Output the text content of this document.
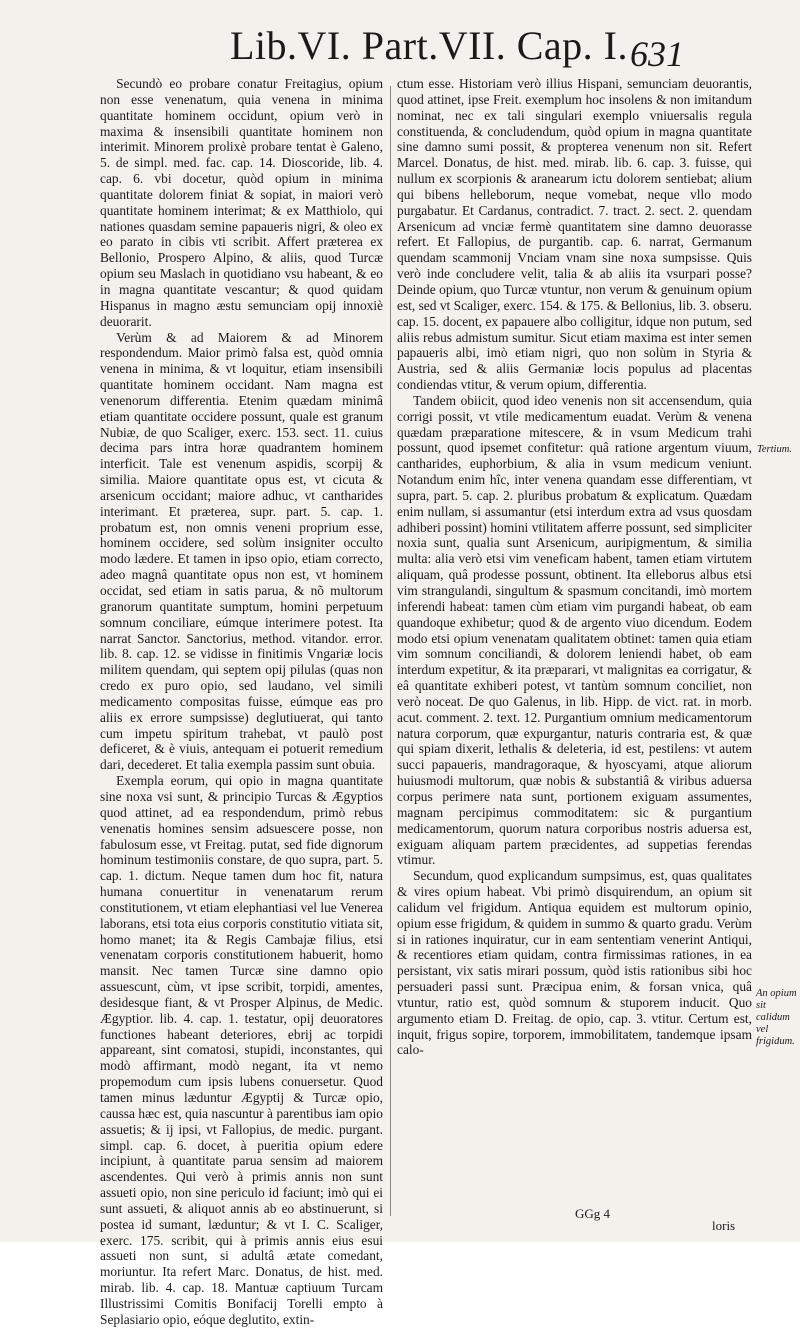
Lib.VI. Part.VII. Cap. I. 631

Secundò eo probare conatur Freitagius, opium non esse venenatum, quia venena in minima quantitate hominem occidunt, opium verò in maxima & insensibili quantitate hominem non interimit. Minorem prolixè probare tentat è Galeno, 5. de simpl. med. fac. cap. 14. Dioscoride, lib. 4. cap. 6. vbi docetur, quòd opium in minima quantitate dolorem finiat & sopiat, in maiori verò quantitate hominem interimat; & ex Matthiolo, qui nationes quasdam semine papaueris nigri, & oleo ex eo parato in cibis vti scribit. Affert præterea ex Bellonio, Prospero Alpino, & aliis, quod Turcæ opium seu Maslach in quotidiano vsu habeant, & eo in magna quantitate vescantur; & quod quidam Hispanus in magno æstu semunciam opij innoxiè deuorarit.

Verùm & ad Maiorem & ad Minorem respondendum. Maior primò falsa est, quòd omnia venena in minima, & vt loquitur, etiam insensibili quantitate hominem occidant. Nam magna est venenorum differentia. Etenim quædam minimâ etiam quantitate occidere possunt, quale est granum Nubiæ, de quo Scaliger, exerc. 153. sect. 11. cuius decima pars intra horæ quadrantem hominem interficit. Tale est venenum aspidis, scorpij & similia. Maiore quantitate opus est, vt cicuta & arsenicum occidant; maiore adhuc, vt cantharides interimant. Et præterea, supr. part. 5. cap. 1. probatum est, non omnis veneni proprium esse, hominem occidere, sed solùm insigniter occulto modo lædere. Et tamen in ipso opio, etiam correcto, adeo magnâ quantitate opus non est, vt hominem occidat, sed etiam in satis parua, & nõ multorum granorum quantitate sumptum, homini perpetuum somnum conciliare, eúmque interimere potest. Ita narrat Sanctor. Sanctorius, method. vitandor. error. lib. 8. cap. 12. se vidisse in finitimis Vngariæ locis militem quendam, qui septem opij pilulas (quas non credo ex puro opio, sed laudano, vel simili medicamento compositas fuisse, eúmque eas pro aliis ex errore sumpsisse) deglutiuerat, qui tanto cum impetu spiritum trahebat, vt paulò post deficeret, & è viuis, antequam ei potuerit remedium dari, decederet. Et talia exempla passim sunt obuia.

Exempla eorum, qui opio in magna quantitate sine noxa vsi sunt, & principio Turcas & Ægyptios quod attinet, ad ea respondendum, primò rebus venenatis homines sensim adsuescere posse, non fabulosum esse, vt Freitag. putat, sed fide dignorum hominum testimoniis constare, de quo supra, part. 5. cap. 1. dictum. Neque tamen dum hoc fit, natura humana conuertitur in venenatarum rerum constitutionem, vt etiam elephantiasi vel lue Venerea laborans, etsi tota eius corporis constitutio vitiata sit, homo manet; ita & Regis Cambajæ filius, etsi venenatam corporis constitutionem habuerit, homo mansit. Nec tamen Turcæ sine damno opio assuescunt, cùm, vt ipse scribit, torpidi, amentes, desidesque fiant, & vt Prosper Alpinus, de Medic. Ægyptior. lib. 4. cap. 1. testatur, opij deuoratores functiones habeant deteriores, ebrij ac torpidi appareant, sint comatosi, stupidi, inconstantes, qui modò affirmant, modò negant, ita vt nemo propemodum cum ipsis lubens conuersetur. Quod tamen minus læduntur Ægyptij & Turcæ opio, caussa hæc est, quia nascuntur à parentibus iam opio assuetis; & ij ipsi, vt Fallopius, de medic. purgant. simpl. cap. 6. docet, à pueritia opium edere incipiunt, à quantitate parua sensim ad maiorem ascendentes. Qui verò à primis annis non sunt assueti opio, non sine periculo id faciunt; imò qui ei sunt assueti, & aliquot annis ab eo abstinuerunt, si postea id sumant, læduntur; & vt I. C. Scaliger, exerc. 175. scribit, qui à primis annis eius esui assueti non sunt, si adultâ ætate comedant, moriuntur. Ita refert Marc. Donatus, de hist. med. mirab. lib. 4. cap. 18. Mantuæ captiuum Turcam Illustrissimi Comitis Bonifacij Torelli empto à Seplasiario opio, eóque deglutito, extin-

ctum esse. Historiam verò illius Hispani, semunciam deuorantis, quod attinet, ipse Freit. exemplum hoc insolens & non imitandum nominat, nec ex tali singulari exemplo vniuersalis regula constituenda, & concludendum, quòd opium in magna quantitate sine damno sumi possit, & propterea venenum non sit. Refert Marcel. Donatus, de hist. med. mirab. lib. 6. cap. 3. fuisse, qui nullum ex scorpionis & aranearum ictu dolorem sentiebat; alium qui bibens helleborum, neque vomebat, neque vllo modo purgabatur. Et Cardanus, contradict. 7. tract. 2. sect. 2. quendam Arsenicum ad vnciæ fermè quantitatem sine damno deuorasse refert. Et Fallopius, de purgantib. cap. 6. narrat, Germanum quendam scammonij Vnciam vnam sine noxa sumpsisse. Quis verò inde concludere velit, talia & ab aliis ita vsurpari posse? Deinde opium, quo Turcæ vtuntur, non verum & genuinum opium est, sed vt Scaliger, exerc. 154. & 175. & Bellonius, lib. 3. obseru. cap. 15. docent, ex papauere albo colligitur, idque non putum, sed aliis rebus admistum sumitur. Sicut etiam maxima est inter semen papaueris albi, imò etiam nigri, quo non solùm in Styria & Austria, sed & aliis Germaniæ locis populus ad placentas condiendas vtitur, & verum opium, differentia.

Tandem obiicit, quod ideo venenis non sit accensendum, quia corrigi possit, vt vtile medicamentum euadat. Verùm & venena quædam præparatione mitescere, & in vsum Medicum trahi possunt, quod ipsemet confitetur: quâ ratione argentum viuum, cantharides, euphorbium, & alia in vsum medicum veniunt. Notandum enim hîc, inter venena quandam esse differentiam, vt supra, part. 5. cap. 2. pluribus probatum & explicatum. Quædam enim nullam, si assumantur (etsi interdum extra ad vsus quosdam adhiberi possint) homini vtilitatem afferre possunt, sed simpliciter noxia sunt, qualia sunt Arsenicum, auripigmentum, & similia multa: alia verò etsi vim veneficam habent, tamen etiam virtutem aliquam, quâ prodesse possunt, obtinent. Ita elleborus albus etsi vim strangulandi, singultum & spasmum concitandi, imò mortem inferendi habeat: tamen cùm etiam vim purgandi habeat, ob eam quandoque exhibetur; quod & de argento viuo dicendum. Eodem modo etsi opium venenatam qualitatem obtinet: tamen quia etiam vim somnum conciliandi, & dolorem leniendi habet, ob eam interdum expetitur, & ita præparari, vt malignitas ea corrigatur, & eâ quantitate exhiberi potest, vt tantùm somnum conciliet, non verò noceat. De quo Galenus, in lib. Hipp. de vict. rat. in morb. acut. comment. 2. text. 12. Purgantium omnium medicamentorum natura corporum, quæ expurgantur, naturis contraria est, & quæ qui spiam dixerit, lethalis & deleteria, id est, pestilens: vt autem succi papaueris, mandragoraque, & hyoscyami, atque aliorum huiusmodi multorum, quæ nobis & substantiâ & viribus aduersa corpus perimere nata sunt, portionem exiguam assumentes, magnam percipimus commoditatem: sic & purgantium medicamentorum, quorum natura corporibus nostris aduersa est, exiguam aliquam partem præcidentes, ad suppetias ferendas vtimur.

Secundum, quod explicandum sumpsimus, est, quas qualitates & vires opium habeat. Vbi primò disquirendum, an opium sit calidum vel frigidum. Antiqua equidem est multorum opinio, opium esse frigidum, & quidem in summo & quarto gradu. Verùm si in rationes inquiratur, cur in eam sententiam venerint Antiqui, & recentiores etiam quidam, contra firmissimas rationes, in ea persistant, vix satis mirari possum, quòd istis rationibus sibi hoc persuaderi passi sunt. Præcipua enim, & forsan vnica, quâ vtuntur, ratio est, quòd somnum & stuporem inducit. Quo argumento etiam D. Freitag. de opio, cap. 3. vtitur. Certum est, inquit, frigus sopire, torporem, immobilitatem, tandemque ipsam calo-

Tertium.
An opium sit calidum vel frigidum.
GGg 4
loris
